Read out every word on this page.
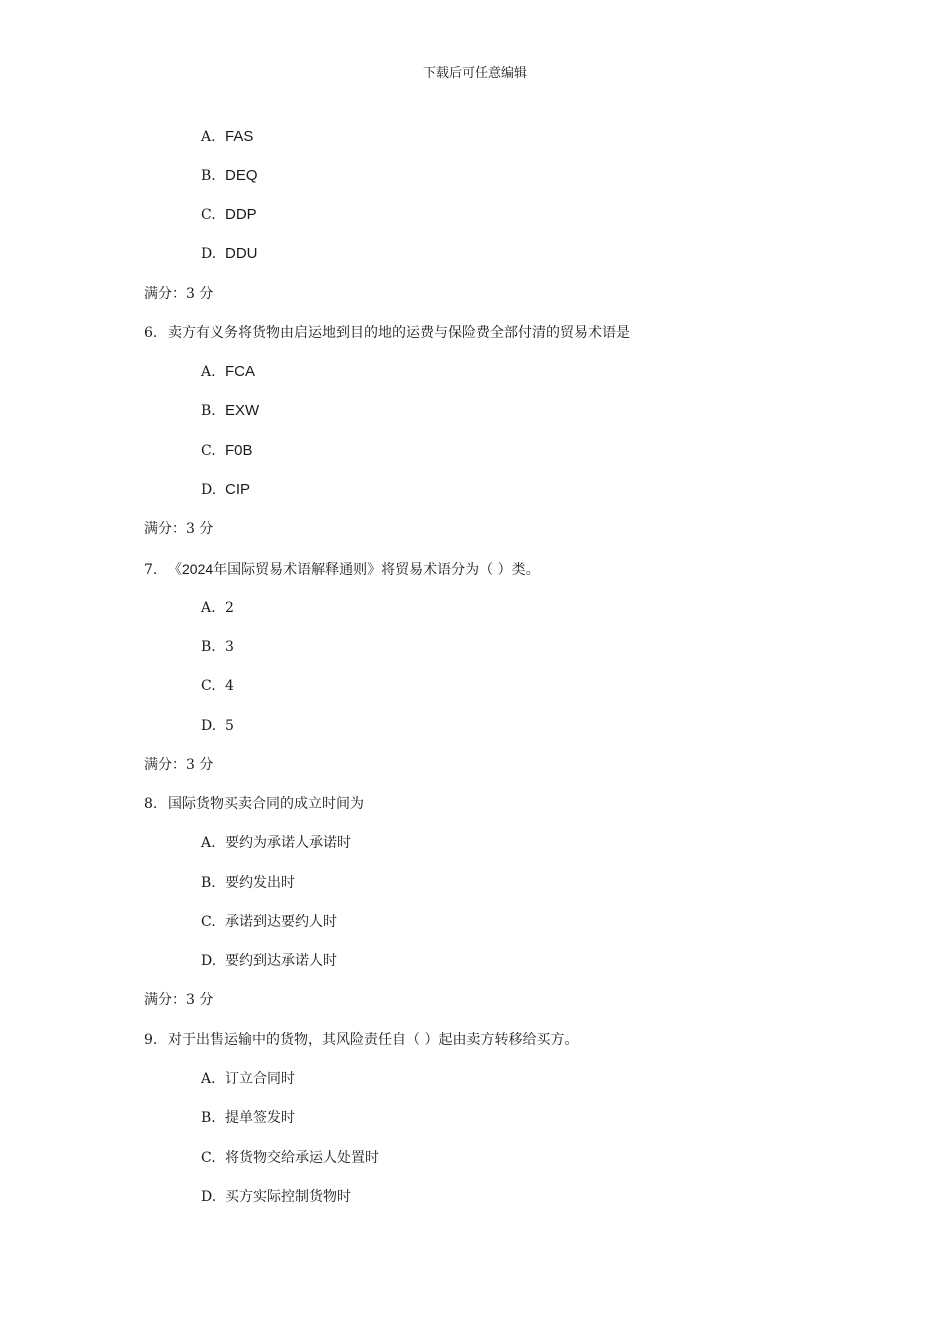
下载后可任意编辑
A. FAS
B. DEQ
C. DDP
D. DDU
满分：3 分
6. 卖方有义务将货物由启运地到目的地的运费与保险费全部付清的贸易术语是
A. FCA
B. EXW
C. F0B
D. CIP
满分：3 分
7. 《2024年国际贸易术语解释通则》将贸易术语分为（ ）类。
A. 2
B. 3
C. 4
D. 5
满分：3 分
8. 国际货物买卖合同的成立时间为
A. 要约为承诺人承诺时
B. 要约发出时
C. 承诺到达要约人时
D. 要约到达承诺人时
满分：3 分
9. 对于出售运输中的货物，其风险责任自（ ）起由卖方转移给买方。
A. 订立合同时
B. 提单签发时
C. 将货物交给承运人处置时
D. 买方实际控制货物时
